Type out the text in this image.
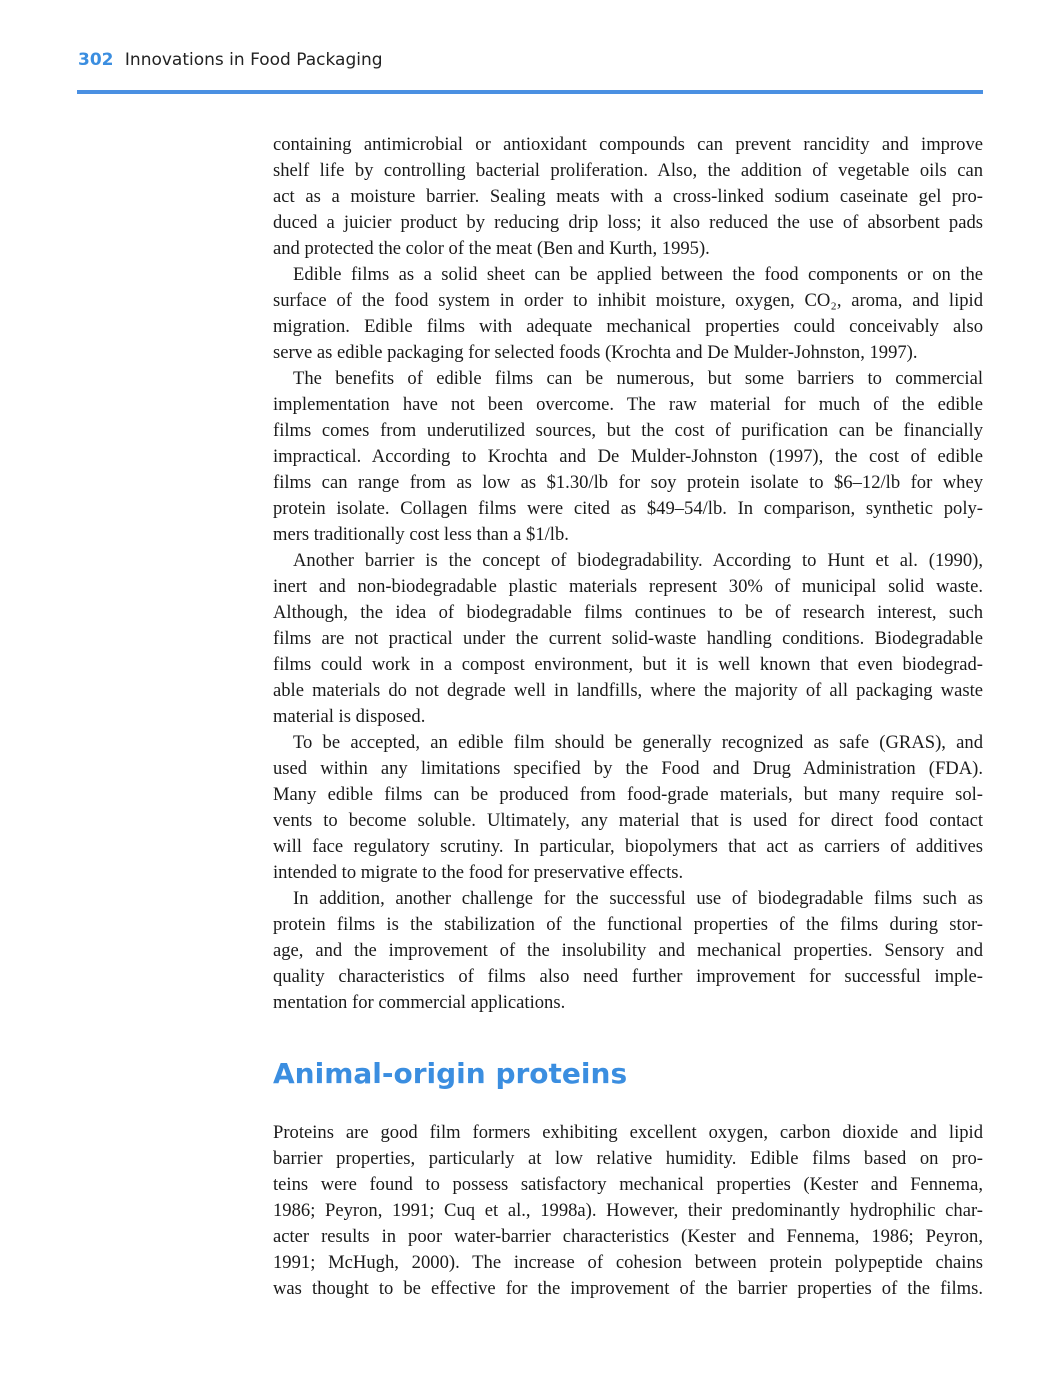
302 Innovations in Food Packaging
containing antimicrobial or antioxidant compounds can prevent rancidity and improve
shelf life by controlling bacterial proliferation. Also, the addition of vegetable oils can
act as a moisture barrier. Sealing meats with a cross-linked sodium caseinate gel pro-
duced a juicier product by reducing drip loss; it also reduced the use of absorbent pads
and protected the color of the meat (Ben and Kurth, 1995).
Edible films as a solid sheet can be applied between the food components or on the
surface of the food system in order to inhibit moisture, oxygen, CO₂, aroma, and lipid
migration. Edible films with adequate mechanical properties could conceivably also
serve as edible packaging for selected foods (Krochta and De Mulder-Johnston, 1997).
The benefits of edible films can be numerous, but some barriers to commercial
implementation have not been overcome. The raw material for much of the edible
films comes from underutilized sources, but the cost of purification can be financially
impractical. According to Krochta and De Mulder-Johnston (1997), the cost of edible
films can range from as low as $1.30/lb for soy protein isolate to $6–12/lb for whey
protein isolate. Collagen films were cited as $49–54/lb. In comparison, synthetic poly-
mers traditionally cost less than a $1/lb.
Another barrier is the concept of biodegradability. According to Hunt et al. (1990),
inert and non-biodegradable plastic materials represent 30% of municipal solid waste.
Although, the idea of biodegradable films continues to be of research interest, such
films are not practical under the current solid-waste handling conditions. Biodegradable
films could work in a compost environment, but it is well known that even biodegrad-
able materials do not degrade well in landfills, where the majority of all packaging waste
material is disposed.
To be accepted, an edible film should be generally recognized as safe (GRAS), and
used within any limitations specified by the Food and Drug Administration (FDA).
Many edible films can be produced from food-grade materials, but many require sol-
vents to become soluble. Ultimately, any material that is used for direct food contact
will face regulatory scrutiny. In particular, biopolymers that act as carriers of additives
intended to migrate to the food for preservative effects.
In addition, another challenge for the successful use of biodegradable films such as
protein films is the stabilization of the functional properties of the films during stor-
age, and the improvement of the insolubility and mechanical properties. Sensory and
quality characteristics of films also need further improvement for successful imple-
mentation for commercial applications.
Animal-origin proteins
Proteins are good film formers exhibiting excellent oxygen, carbon dioxide and lipid
barrier properties, particularly at low relative humidity. Edible films based on pro-
teins were found to possess satisfactory mechanical properties (Kester and Fennema,
1986; Peyron, 1991; Cuq et al., 1998a). However, their predominantly hydrophilic char-
acter results in poor water-barrier characteristics (Kester and Fennema, 1986; Peyron,
1991; McHugh, 2000). The increase of cohesion between protein polypeptide chains
was thought to be effective for the improvement of the barrier properties of the films.
